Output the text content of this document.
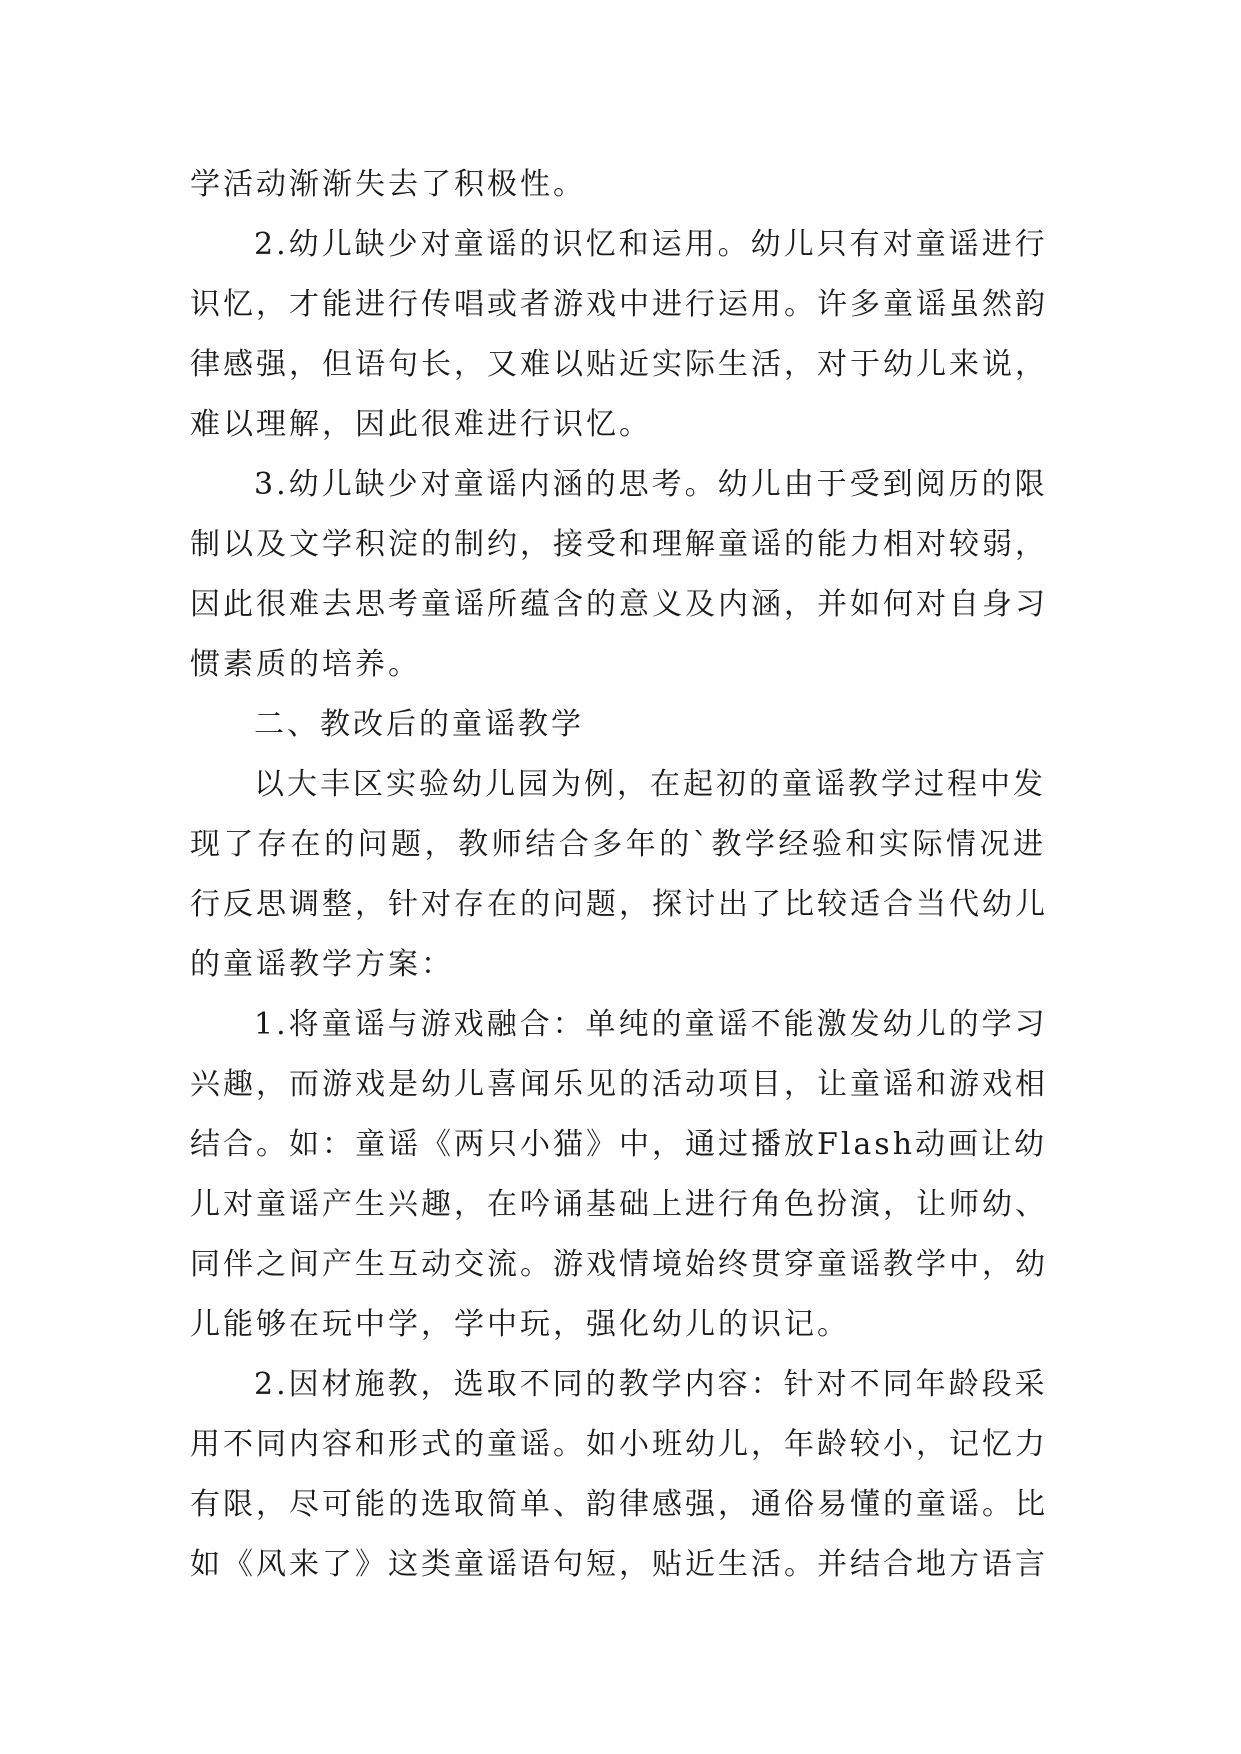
学活动渐渐失去了积极性。
2.幼儿缺少对童谣的识忆和运用。幼儿只有对童谣进行
识忆，才能进行传唱或者游戏中进行运用。许多童谣虽然韵
律感强，但语句长，又难以贴近实际生活，对于幼儿来说，
难以理解，因此很难进行识忆。
3.幼儿缺少对童谣内涵的思考。幼儿由于受到阅历的限
制以及文学积淀的制约，接受和理解童谣的能力相对较弱，
因此很难去思考童谣所蕴含的意义及内涵，并如何对自身习
惯素质的培养。
二、教改后的童谣教学
以大丰区实验幼儿园为例，在起初的童谣教学过程中发
现了存在的问题，教师结合多年的`教学经验和实际情况进
行反思调整，针对存在的问题，探讨出了比较适合当代幼儿
的童谣教学方案：
1.将童谣与游戏融合：单纯的童谣不能激发幼儿的学习
兴趣，而游戏是幼儿喜闻乐见的活动项目，让童谣和游戏相
结合。如：童谣《两只小猫》中，通过播放Flash动画让幼
儿对童谣产生兴趣，在吟诵基础上进行角色扮演，让师幼、
同伴之间产生互动交流。游戏情境始终贯穿童谣教学中，幼
儿能够在玩中学，学中玩，强化幼儿的识记。
2.因材施教，选取不同的教学内容：针对不同年龄段采
用不同内容和形式的童谣。如小班幼儿，年龄较小，记忆力
有限，尽可能的选取简单、韵律感强，通俗易懂的童谣。比
如《风来了》这类童谣语句短，贴近生活。并结合地方语言
